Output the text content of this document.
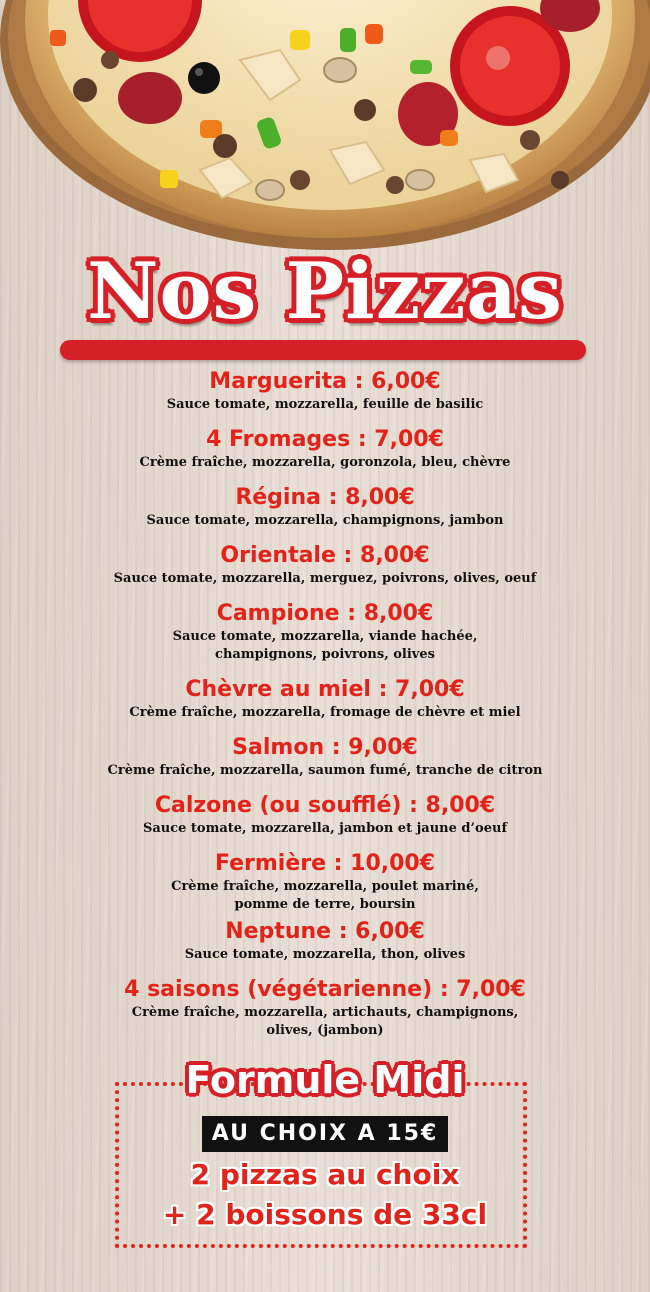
Nos Pizzas
Marguerita : 6,00€
Sauce tomate, mozzarella, feuille de basilic
4 Fromages : 7,00€
Crème fraîche, mozzarella, goronzola, bleu, chèvre
Régina : 8,00€
Sauce tomate, mozzarella, champignons, jambon
Orientale : 8,00€
Sauce tomate, mozzarella, merguez, poivrons, olives, oeuf
Campione : 8,00€
Sauce tomate, mozzarella, viande hachée,
champignons, poivrons, olives
Chèvre au miel : 7,00€
Crème fraîche, mozzarella, fromage de chèvre et miel
Salmon : 9,00€
Crème fraîche, mozzarella, saumon fumé, tranche de citron
Calzone (ou soufflé) : 8,00€
Sauce tomate, mozzarella, jambon et jaune d’oeuf
Fermière : 10,00€
Crème fraîche, mozzarella, poulet mariné,
pomme de terre, boursin
Neptune : 6,00€
Sauce tomate, mozzarella, thon, olives
4 saisons (végétarienne) : 7,00€
Crème fraîche, mozzarella, artichauts, champignons,
olives, (jambon)
Formule Midi
AU CHOIX A 15€
2 pizzas au choix
+ 2 boissons de 33cl
